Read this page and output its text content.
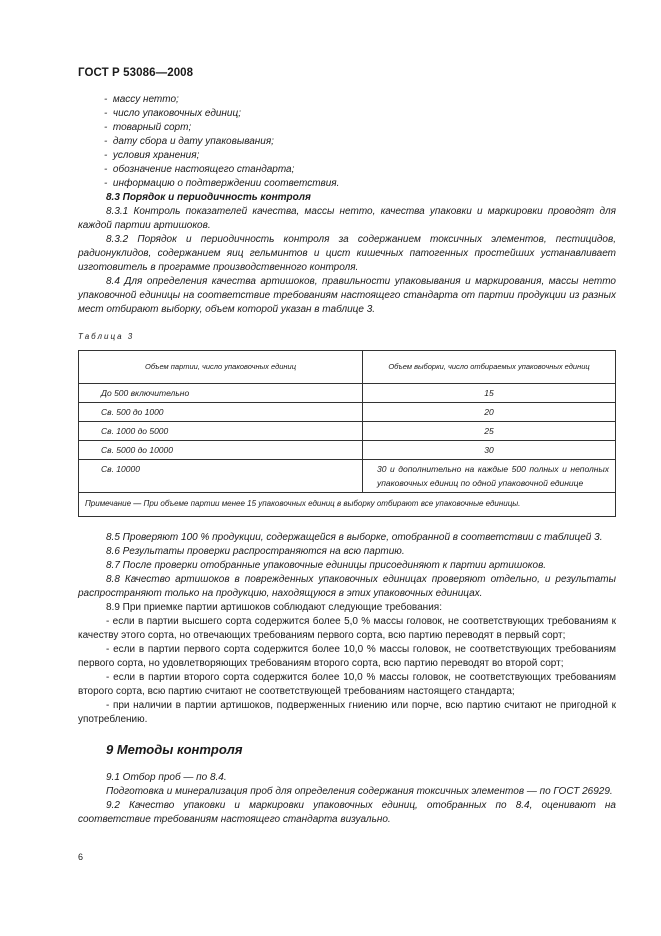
ГОСТ Р 53086—2008

-  массу нетто;

-  число упаковочных единиц;

-  товарный сорт;

-  дату сбора и дату упаковывания;

-  условия хранения;

-  обозначение настоящего стандарта;

-  информацию о подтверждении соответствия.

8.3 Порядок и периодичность контроля

8.3.1 Контроль показателей качества, массы нетто, качества упаковки и маркировки проводят для каждой партии артишоков.

8.3.2 Порядок и периодичность контроля за содержанием токсичных элементов, пестицидов, радионуклидов, содержанием яиц гельминтов и цист кишечных патогенных простейших устанавливает изготовитель в программе производственного контроля.

8.4 Для определения качества артишоков, правильности упаковывания и маркирования, массы нетто упаковочной единицы на соответствие требованиям настоящего стандарта от партии продукции из разных мест отбирают выборку, объем которой указан в таблице 3.

Таблица 3
Объем партии, число упаковочных единиц	Объем выборки, число отбираемых упаковочных единиц
До 500 включительно	15
Св. 500 до 1000	20
Св. 1000 до 5000	25
Св. 5000 до 10000	30
Св. 10000	30 и дополнительно на каждые 500 полных и неполных упаковочных единиц по одной упаковочной единице
Примечание — При объеме партии менее 15 упаковочных единиц в выборку отбирают все упаковочные единицы.	

8.5 Проверяют 100 % продукции, содержащейся в выборке, отобранной в соответствии с таблицей 3.

8.6 Результаты проверки распространяются на всю партию.

8.7 После проверки отобранные упаковочные единицы присоединяют к партии артишоков.

8.8 Качество артишоков в поврежденных упаковочных единицах проверяют отдельно, и результаты распространяют только на продукцию, находящуюся в этих упаковочных единицах.

8.9 При приемке партии артишоков соблюдают следующие требования:

- если в партии высшего сорта содержится более 5,0 % массы головок, не соответствующих требованиям к качеству этого сорта, но отвечающих требованиям первого сорта, всю партию переводят в первый сорт;

- если в партии первого сорта содержится более 10,0 % массы головок, не соответствующих требованиям первого сорта, но удовлетворяющих требованиям второго сорта, всю партию переводят во второй сорт;

- если в партии второго сорта содержится более 10,0 % массы головок, не соответствующих требованиям второго сорта, всю партию считают не соответствующей требованиям настоящего стандарта;

- при наличии в партии артишоков, подверженных гниению или порче, всю партию считают не пригодной к употреблению.

9 Методы контроля

9.1 Отбор проб — по 8.4.

Подготовка и минерализация проб для определения содержания токсичных элементов — по ГОСТ 26929.

9.2 Качество упаковки и маркировки упаковочных единиц, отобранных по 8.4, оценивают на соответствие требованиям настоящего стандарта визуально.

6
